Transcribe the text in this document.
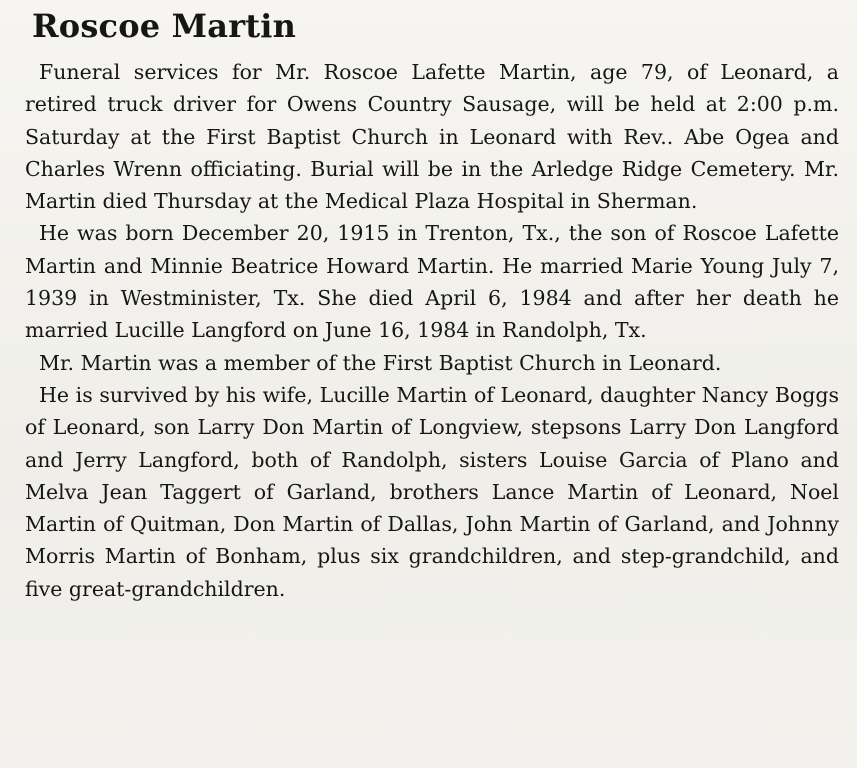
Roscoe Martin

Funeral services for Mr. Roscoe Lafette Martin, age 79, of Leonard, a retired truck driver for Owens Country Sausage, will be held at 2:00 p.m. Saturday at the First Baptist Church in Leonard with Rev.. Abe Ogea and Charles Wrenn officiating. Burial will be in the Arledge Ridge Cemetery. Mr. Martin died Thursday at the Medical Plaza Hospital in Sherman.

He was born December 20, 1915 in Trenton, Tx., the son of Roscoe Lafette Martin and Minnie Beatrice Howard Martin. He married Marie Young July 7, 1939 in Westminister, Tx. She died April 6, 1984 and after her death he married Lucille Langford on June 16, 1984 in Randolph, Tx.

Mr. Martin was a member of the First Baptist Church in Leonard.

He is survived by his wife, Lucille Martin of Leonard, daughter Nancy Boggs of Leonard, son Larry Don Martin of Longview, stepsons Larry Don Langford and Jerry Langford, both of Randolph, sisters Louise Garcia of Plano and Melva Jean Taggert of Garland, brothers Lance Martin of Leonard, Noel Martin of Quitman, Don Martin of Dallas, John Martin of Garland, and Johnny Morris Martin of Bonham, plus six grandchildren, and step-grandchild, and five great-grandchildren.
